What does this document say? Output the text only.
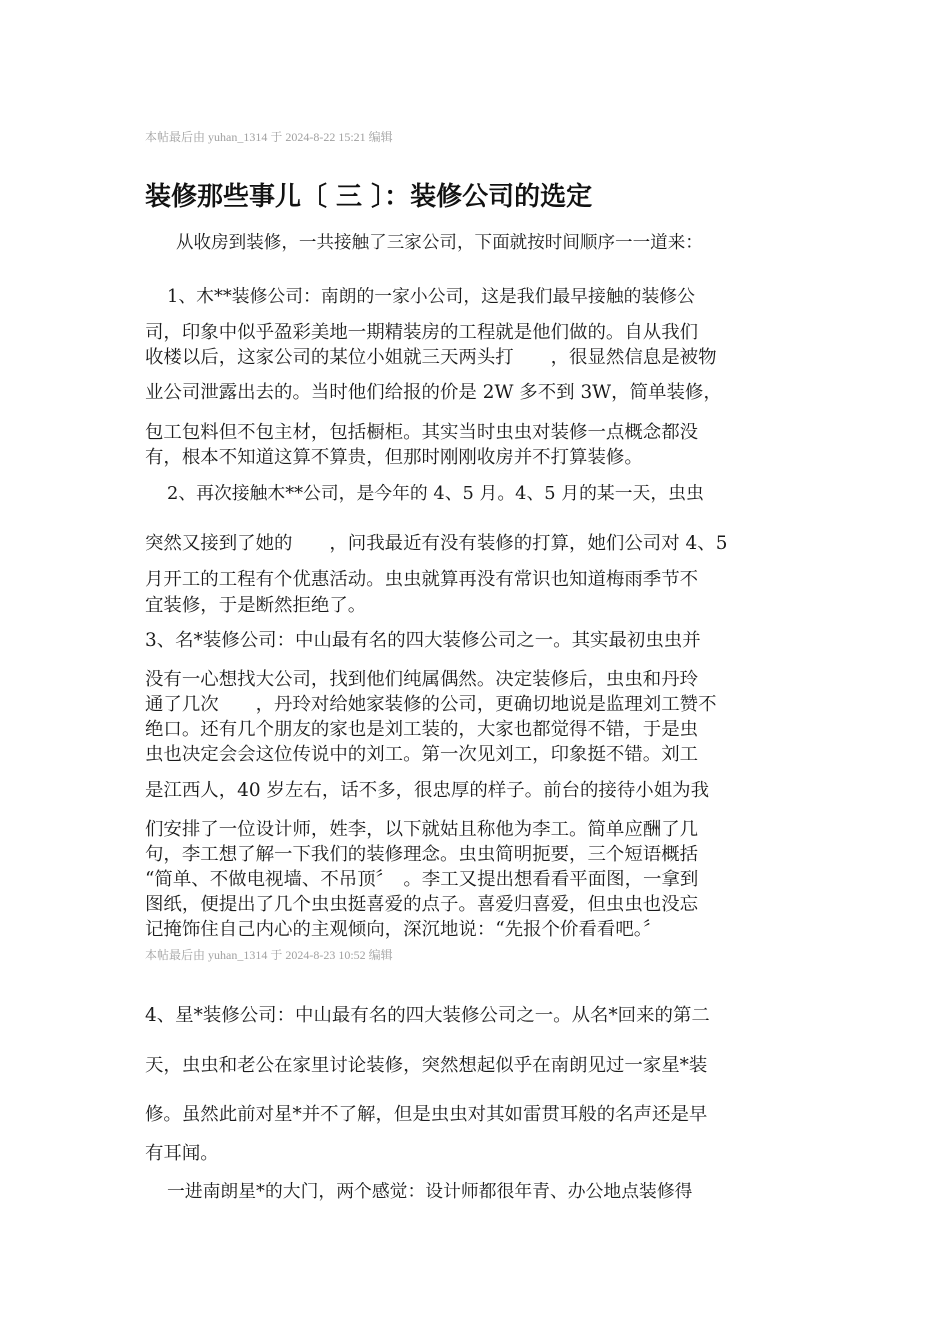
本帖最后由 yuhan_1314 于 2024-8-22 15:21 编辑
装修那些事儿〔 三 〕：装修公司的选定
从收房到装修，一共接触了三家公司，下面就按时间顺序一一道来：
1、木**装修公司：南朗的一家小公司，这是我们最早接触的装修公
司，印象中似乎盈彩美地一期精装房的工程就是他们做的。自从我们
收楼以后，这家公司的某位小姐就三天两头打　　，很显然信息是被物
业公司泄露出去的。当时他们给报的价是 2W 多不到 3W，简单装修，
包工包料但不包主材，包括橱柜。其实当时虫虫对装修一点概念都没
有，根本不知道这算不算贵，但那时刚刚收房并不打算装修。
2、再次接触木**公司，是今年的 4、5 月。4、5 月的某一天，虫虫
突然又接到了她的　　，问我最近有没有装修的打算，她们公司对 4、5
月开工的工程有个优惠活动。虫虫就算再没有常识也知道梅雨季节不
宜装修，于是断然拒绝了。
3、名*装修公司：中山最有名的四大装修公司之一。其实最初虫虫并
没有一心想找大公司，找到他们纯属偶然。决定装修后，虫虫和丹玲
通了几次　　，丹玲对给她家装修的公司，更确切地说是监理刘工赞不
绝口。还有几个朋友的家也是刘工装的，大家也都觉得不错，于是虫
虫也决定会会这位传说中的刘工。第一次见刘工，印象挺不错。刘工
是江西人，40 岁左右，话不多，很忠厚的样子。前台的接待小姐为我
们安排了一位设计师，姓李，以下就姑且称他为李工。简单应酬了几
句，李工想了解一下我们的装修理念。虫虫简明扼要，三个短语概括
“简单、不做电视墙、不吊顶〞　。李工又提出想看看平面图，一拿到
图纸，便提出了几个虫虫挺喜爱的点子。喜爱归喜爱，但虫虫也没忘
记掩饰住自己内心的主观倾向，深沉地说：“先报个价看看吧。〞
本帖最后由 yuhan_1314 于 2024-8-23 10:52 编辑
4、星*装修公司：中山最有名的四大装修公司之一。从名*回来的第二
天，虫虫和老公在家里讨论装修，突然想起似乎在南朗见过一家星*装
修。虽然此前对星*并不了解，但是虫虫对其如雷贯耳般的名声还是早
有耳闻。
一进南朗星*的大门，两个感觉：设计师都很年青、办公地点装修得
